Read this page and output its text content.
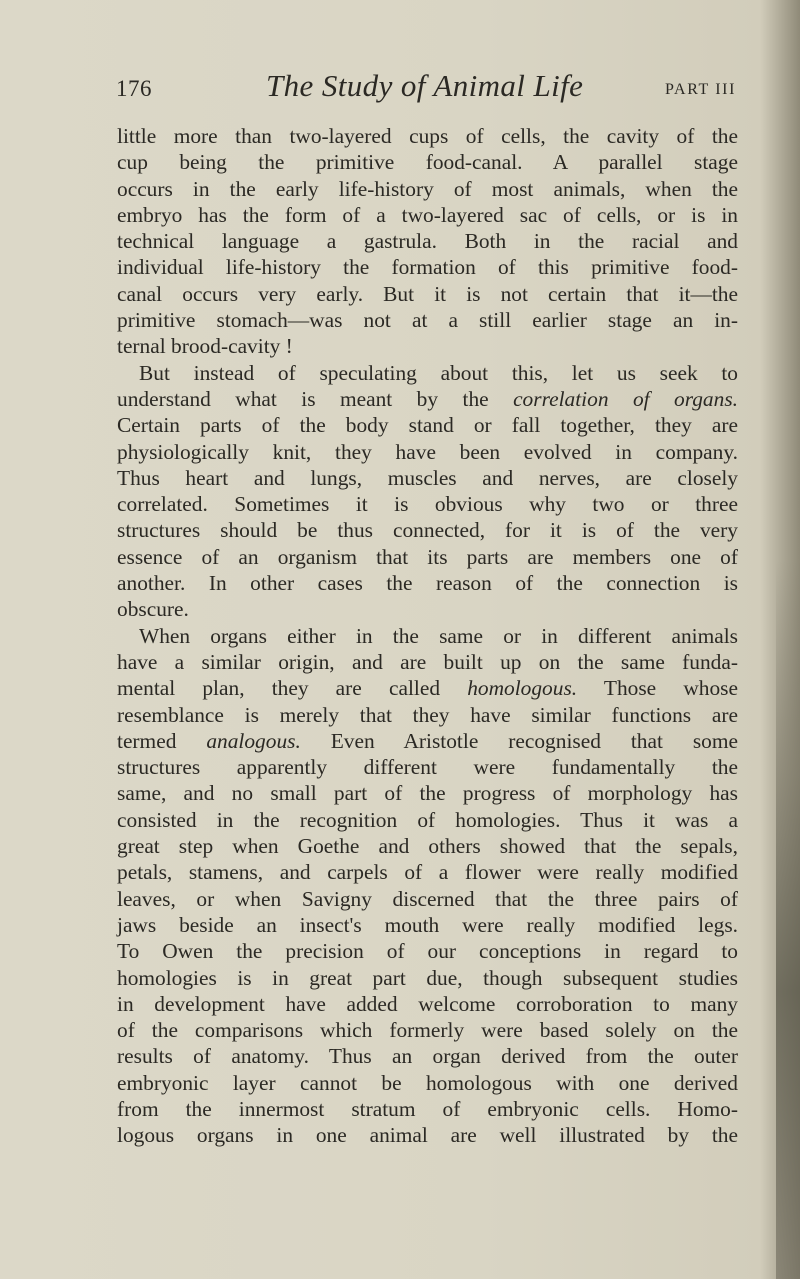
176	The Study of Animal Life	PART III
little more than two-layered cups of cells, the cavity of the
cup being the primitive food-canal. A parallel stage
occurs in the early life-history of most animals, when the
embryo has the form of a two-layered sac of cells, or is in
technical language a gastrula. Both in the racial and
individual life-history the formation of this primitive food-
canal occurs very early. But it is not certain that it—the
primitive stomach—was not at a still earlier stage an in-
ternal brood-cavity !
But instead of speculating about this, let us seek to
understand what is meant by the correlation of organs.
Certain parts of the body stand or fall together, they are
physiologically knit, they have been evolved in company.
Thus heart and lungs, muscles and nerves, are closely
correlated. Sometimes it is obvious why two or three
structures should be thus connected, for it is of the very
essence of an organism that its parts are members one of
another. In other cases the reason of the connection is
obscure.
When organs either in the same or in different animals
have a similar origin, and are built up on the same funda-
mental plan, they are called homologous. Those whose
resemblance is merely that they have similar functions are
termed analogous. Even Aristotle recognised that some
structures apparently different were fundamentally the
same, and no small part of the progress of morphology has
consisted in the recognition of homologies. Thus it was a
great step when Goethe and others showed that the sepals,
petals, stamens, and carpels of a flower were really modified
leaves, or when Savigny discerned that the three pairs of
jaws beside an insect's mouth were really modified legs.
To Owen the precision of our conceptions in regard to
homologies is in great part due, though subsequent studies
in development have added welcome corroboration to many
of the comparisons which formerly were based solely on the
results of anatomy. Thus an organ derived from the outer
embryonic layer cannot be homologous with one derived
from the innermost stratum of embryonic cells. Homo-
logous organs in one animal are well illustrated by the
